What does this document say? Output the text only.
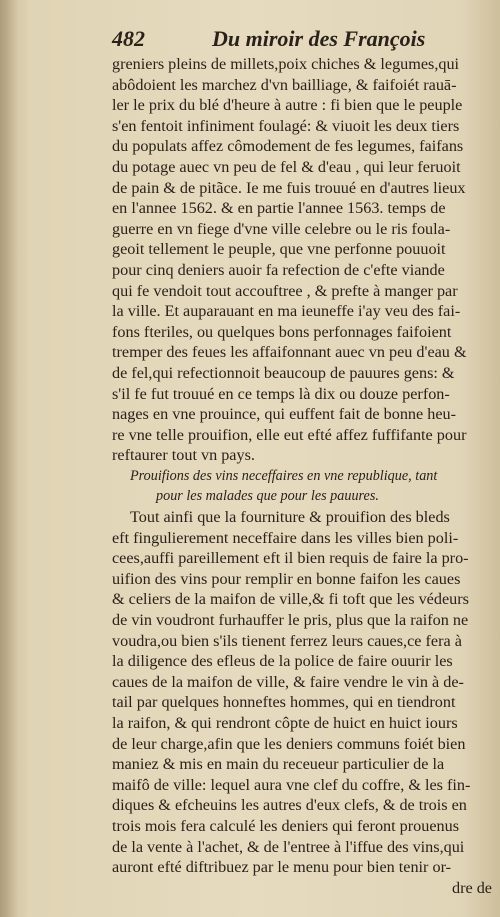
482	Du miroir des François
greniers pleins de millets,poix chiches & legumes,qui
abôdoient les marchez d'vn bailliage, & faifoiét rauā-
ler le prix du blé d'heure à autre : fi bien que le peuple
s'en fentoit infiniment foulagé: & viuoit les deux tiers
du populats affez cômodement de fes legumes, faifans
du potage auec vn peu de fel & d'eau , qui leur feruoit
de pain & de pitãce. Ie me fuis trouué en d'autres lieux
en l'annee 1562. & en partie l'annee 1563. temps de
guerre en vn fiege d'vne ville celebre ou le ris foula-
geoit tellement le peuple, que vne perfonne pouuoit
pour cinq deniers auoir fa refection de c'efte viande
qui fe vendoit tout accouftree , & prefte à manger par
la ville. Et auparauant en ma ieuneffe i'ay veu des fai-
fons fteriles, ou quelques bons perfonnages faifoient
tremper des feues les affaifonnant auec vn peu d'eau &
de fel,qui refectionnoit beaucoup de pauures gens: &
s'il fe fut trouué en ce temps là dix ou douze perfon-
nages en vne prouince, qui euffent fait de bonne heu-
re vne telle prouifion, elle eut efté affez fuffifante pour
reftaurer tout vn pays.
Prouifions des vins neceffaires en vne republique, tant
pour les malades que pour les pauures.
Tout ainfi que la fourniture & prouifion des bleds
eft fingulierement neceffaire dans les villes bien poli-
cees,auffi pareillement eft il bien requis de faire la pro-
uifion des vins pour remplir en bonne faifon les caues
& celiers de la maifon de ville,& fi toft que les védeurs
de vin voudront furhauffer le pris, plus que la raifon ne
voudra,ou bien s'ils tienent ferrez leurs caues,ce fera à
la diligence des efleus de la police de faire ouurir les
caues de la maifon de ville, & faire vendre le vin à de-
tail par quelques honneftes hommes, qui en tiendront
la raifon, & qui rendront côpte de huict en huict iours
de leur charge,afin que les deniers communs foiét bien
maniez & mis en main du receueur particulier de la
maifô de ville: lequel aura vne clef du coffre, & les fin-
diques & efcheuins les autres d'eux clefs, & de trois en
trois mois fera calculé les deniers qui feront prouenus
de la vente à l'achet, & de l'entree à l'iffue des vins,qui
auront efté diftribuez par le menu pour bien tenir or-
dre de
